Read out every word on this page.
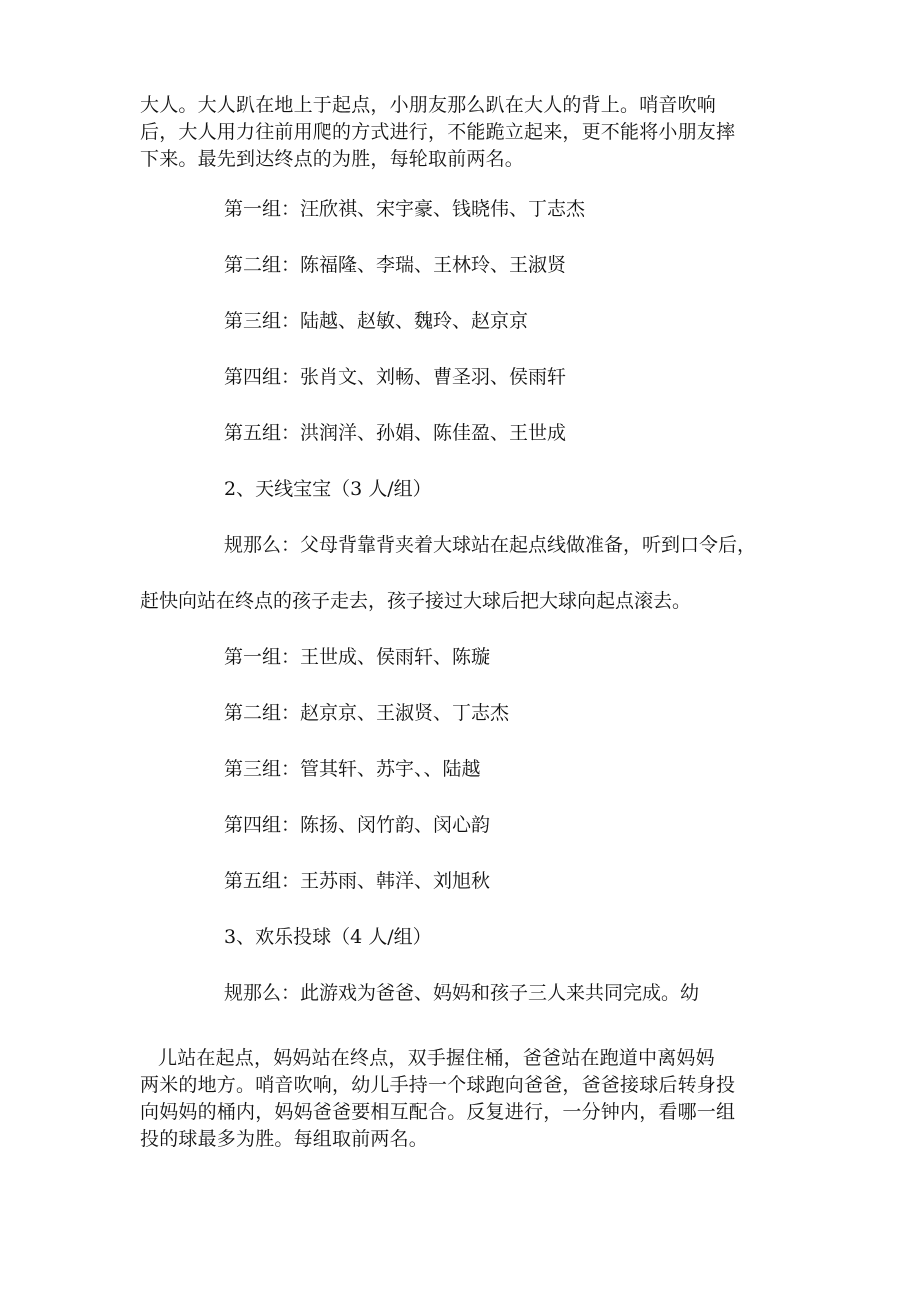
大人。大人趴在地上于起点，小朋友那么趴在大人的背上。哨音吹响
后，大人用力往前用爬的方式进行，不能跪立起来，更不能将小朋友摔
下来。最先到达终点的为胜，每轮取前两名。
第一组：汪欣祺、宋宇豪、钱晓伟、丁志杰
第二组：陈福隆、李瑞、王林玲、王淑贤
第三组：陆越、赵敏、魏玲、赵京京
第四组：张肖文、刘畅、曹圣羽、侯雨轩
第五组：洪润洋、孙娟、陈佳盈、王世成
2、天线宝宝（3 人/组）
规那么：父母背靠背夹着大球站在起点线做准备，听到口令后，
赶快向站在终点的孩子走去，孩子接过大球后把大球向起点滚去。
第一组：王世成、侯雨轩、陈璇
第二组：赵京京、王淑贤、丁志杰
第三组：管其轩、苏宇、、陆越
第四组：陈扬、闵竹韵、闵心韵
第五组：王苏雨、韩洋、刘旭秋
3、欢乐投球（4 人/组）
规那么：此游戏为爸爸、妈妈和孩子三人来共同完成。幼
儿站在起点，妈妈站在终点，双手握住桶，爸爸站在跑道中离妈妈
两米的地方。哨音吹响，幼儿手持一个球跑向爸爸，爸爸接球后转身投
向妈妈的桶内，妈妈爸爸要相互配合。反复进行，一分钟内，看哪一组
投的球最多为胜。每组取前两名。
